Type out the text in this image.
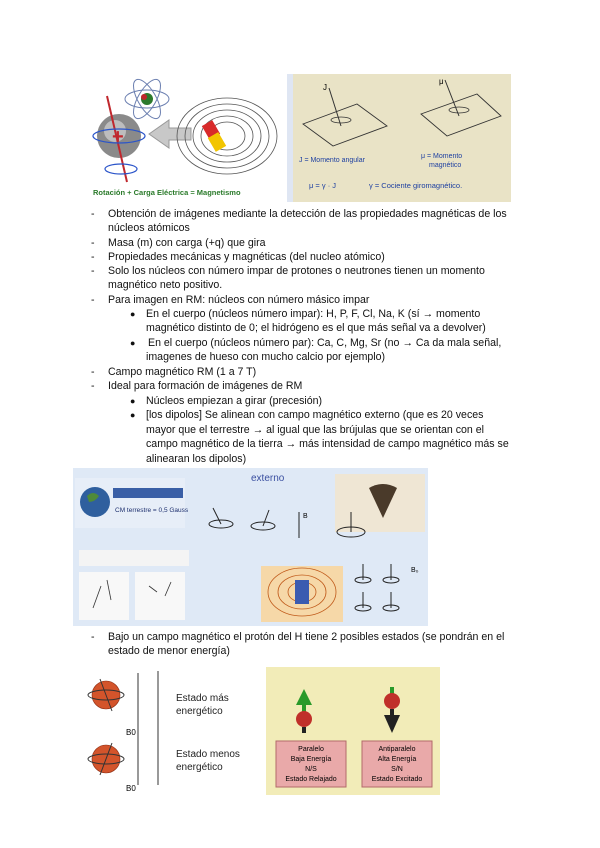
+
Rotación + Carga Eléctrica = Magnetismo
J
μ
J = Momento angular
μ = Momento
magnético
μ = γ · J	γ = Cociente giromagnético.
- Obtención de imágenes mediante la detección de las propiedades magnéticas de los
núcleos atómicos
- Masa (m) con carga (+q) que gira
- Propiedades mecánicas y magnéticas (del nucleo atómico)
- Solo los núcleos con número impar de protones o neutrones tienen un momento
magnético neto positivo.
- Para imagen en RM: núcleos con número másico impar
● En el cuerpo (núcleos número impar): H, P, F, Cl, Na, K (sí → momento
magnético distinto de 0; el hidrógeno es el que más señal va a devolver)
● En el cuerpo (núcleos número par): Ca, C, Mg, Sr (no → Ca da mala señal,
imagenes de hueso con mucho calcio por ejemplo)
- Campo magnético RM (1 a 7 T)
- Ideal para formación de imágenes de RM
● Núcleos empiezan a girar (precesión)
● [los dipolos] Se alinean con campo magnético externo (que es 20 veces
mayor que el terrestre → al igual que las brújulas que se orientan con el
campo magnético de la tierra → más intensidad de campo magnético más se
alinearan los dipolos)
externo
CM terrestre = 0,5 Gauss
B
B₀
- Bajo un campo magnético el protón del H tiene 2 posibles estados (se pondrán en el
estado de menor energía)
B0
B0
Estado más
energético
Estado menos
energético
Paralelo
Baja Energía
N/S
Estado Relajado
Antiparalelo
Alta Energía
S/N
Estado Excitado
